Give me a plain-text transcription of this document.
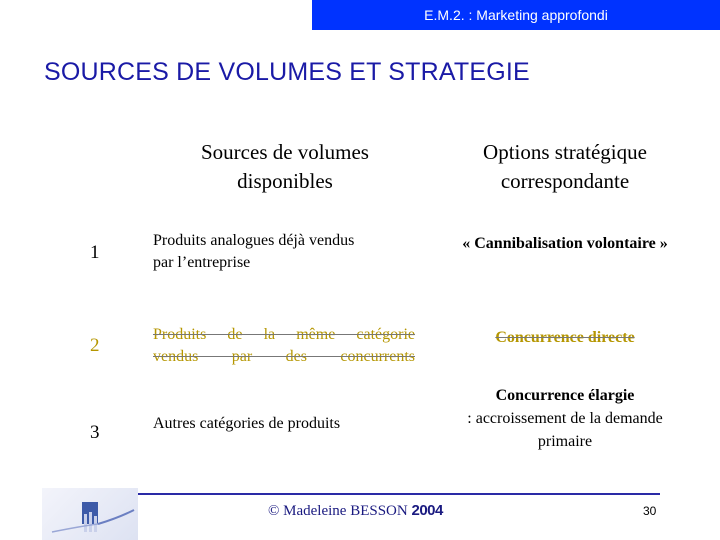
E.M.2. : Marketing approfondi
SOURCES DE VOLUMES ET STRATEGIE
Sources de volumes
disponibles
Options stratégique
correspondante
1
Produits analogues déjà vendus
par l’entreprise
« Cannibalisation volontaire »
2
Produits de la même catégorie
vendus par des concurrents
Concurrence directe
3	Autres catégories de produits
Concurrence élargie
: accroissement de la demande
primaire
© Madeleine BESSON 2004	30
